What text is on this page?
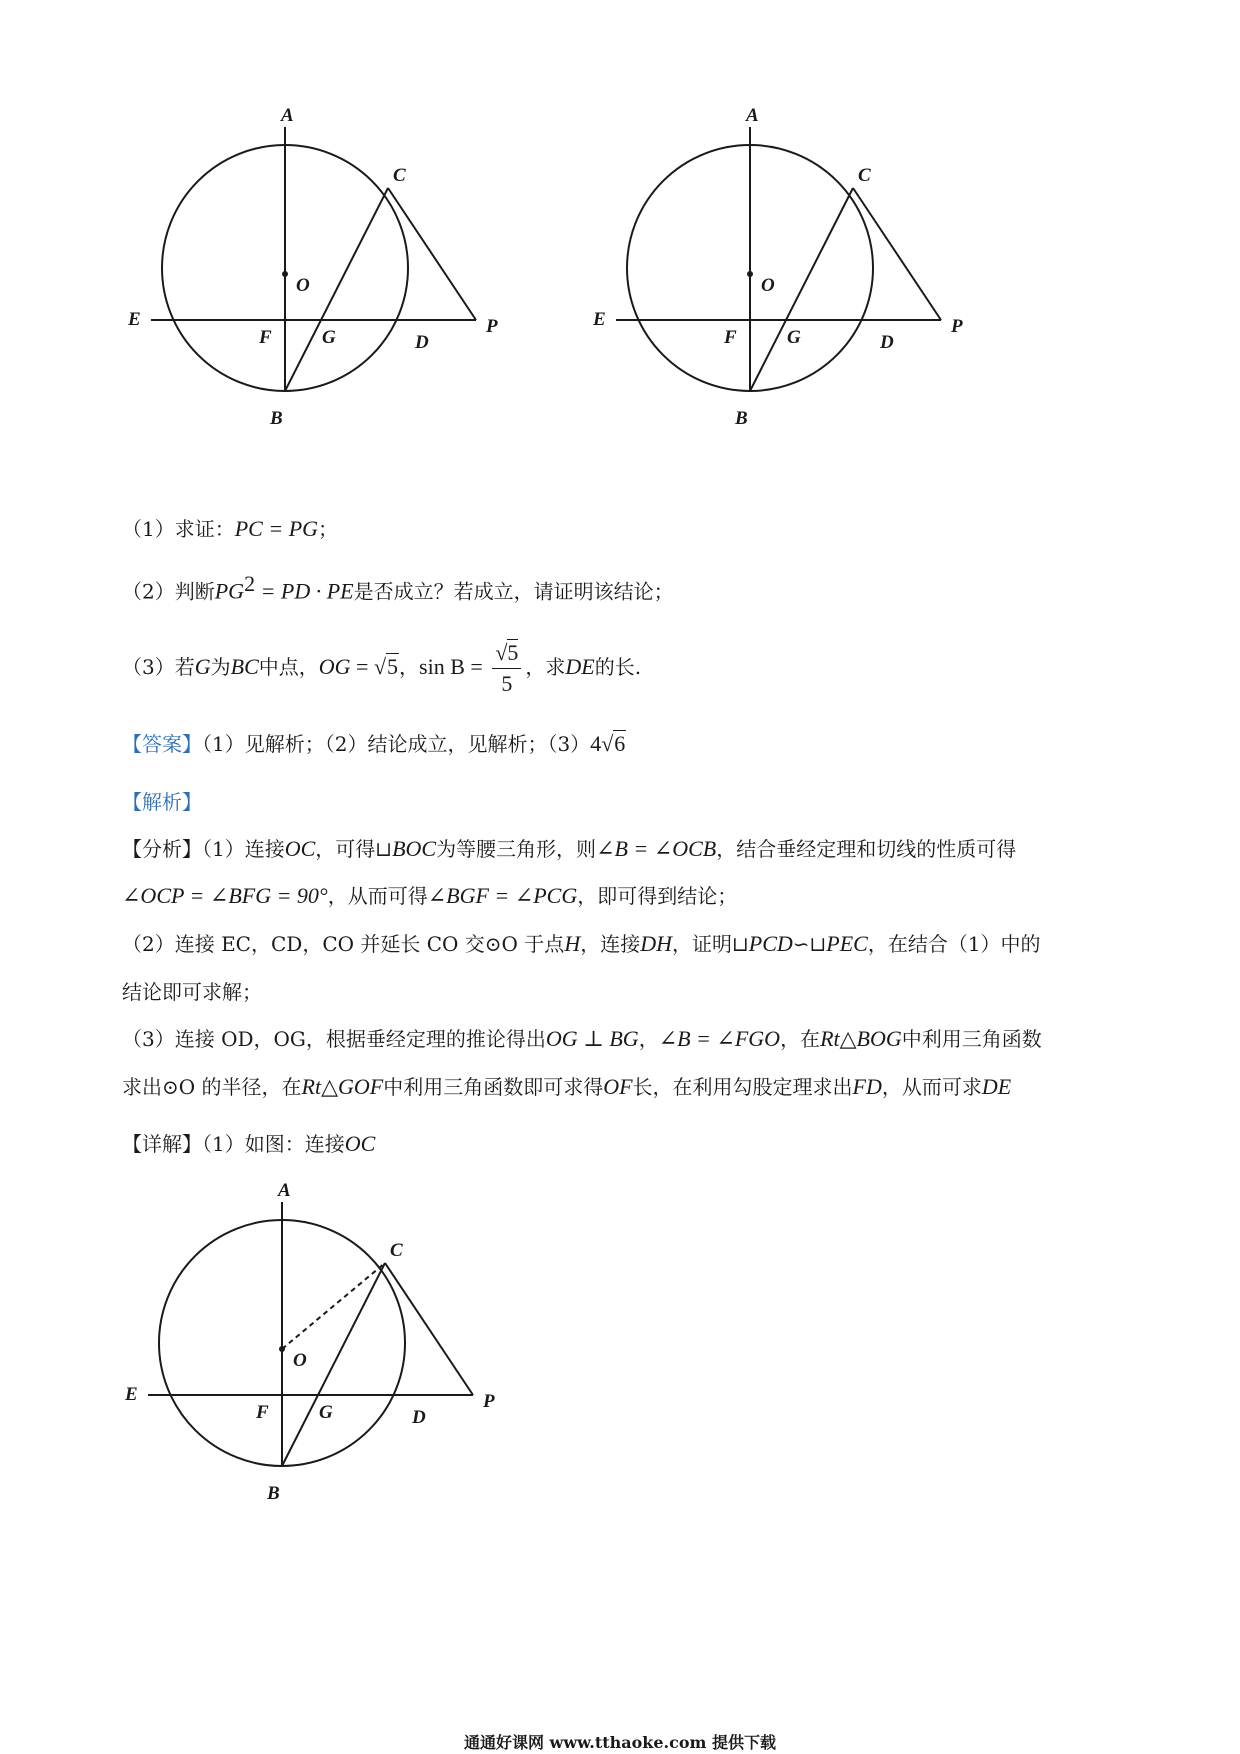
A
C
O
E
F	G	D
P
B
A
C
O
E
F	G	D
P
B
（1）求证：PC = PG；
（2）判断$PG^2$ = PD · PE是否成立？若成立，请证明该结论；
（3）若G为BC中点，OG = √5，$\sin B = \frac{√5}{5}$ ，求DE的长.
【答案】（1）见解析；（2）结论成立，见解析；（3）4√6
【解析】
【分析】（1）连接OC，可得⊔BOC为等腰三角形，则∠B = ∠OCB，结合垂经定理和切线的性质可得
∠OCP = ∠BFG = 90°，从而可得∠BGF = ∠PCG，即可得到结论；
（2）连接 EC，CD，CO 并延长 CO 交⊙O 于点H，连接DH，证明⊔PCD∽⊔PEC，在结合（1）中的
结论即可求解；
（3）连接 OD，OG，根据垂经定理的推论得出OG ⊥ BG，∠B = ∠FGO，在Rt△BOG中利用三角函数
求出⊙O 的半径，在Rt△GOF中利用三角函数即可求得OF长，在利用勾股定理求出FD，从而可求DE
【详解】（1）如图：连接OC
A
C
O
E
F	G	D
P
B
通通好课网 www.tthaoke.com 提供下载
